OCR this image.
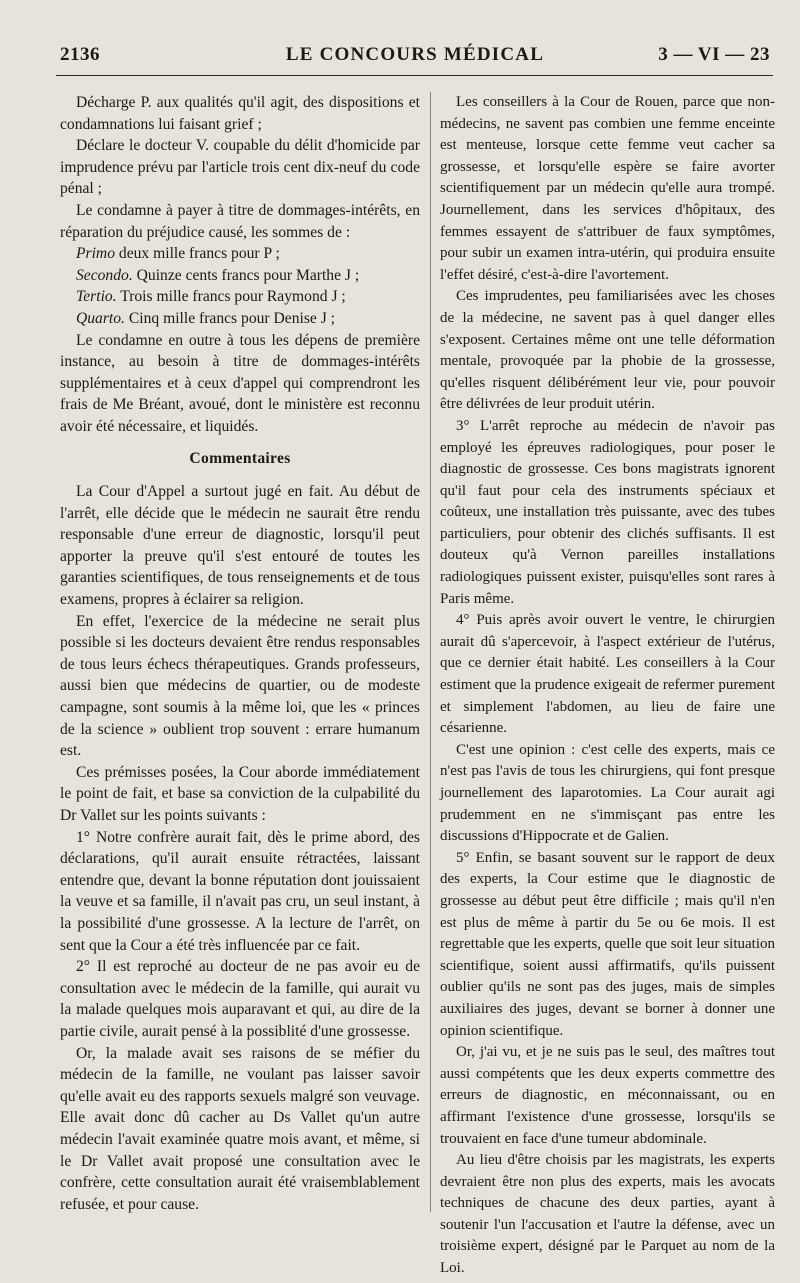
2136	LE CONCOURS MÉDICAL	3 — VI — 23

Décharge P. aux qualités qu'il agit, des dispositions et condamnations lui faisant grief ;

Déclare le docteur V. coupable du délit d'homicide par imprudence prévu par l'article trois cent dix-neuf du code pénal ;

Le condamne à payer à titre de dommages-intérêts, en réparation du préjudice causé, les sommes de :

Primo deux mille francs pour P ;

Secondo. Quinze cents francs pour Marthe J ;

Tertio. Trois mille francs pour Raymond J ;

Quarto. Cinq mille francs pour Denise J ;

Le condamne en outre à tous les dépens de première instance, au besoin à titre de dommages-intérêts supplémentaires et à ceux d'appel qui comprendront les frais de Me Bréant, avoué, dont le ministère est reconnu avoir été nécessaire, et liquidés.

Commentaires

La Cour d'Appel a surtout jugé en fait. Au début de l'arrêt, elle décide que le médecin ne saurait être rendu responsable d'une erreur de diagnostic, lorsqu'il peut apporter la preuve qu'il s'est entouré de toutes les garanties scientifiques, de tous renseignements et de tous examens, propres à éclairer sa religion.

En effet, l'exercice de la médecine ne serait plus possible si les docteurs devaient être rendus responsables de tous leurs échecs thérapeutiques. Grands professeurs, aussi bien que médecins de quartier, ou de modeste campagne, sont soumis à la même loi, que les « princes de la science » oublient trop souvent : errare humanum est.

Ces prémisses posées, la Cour aborde immédiatement le point de fait, et base sa conviction de la culpabilité du Dr Vallet sur les points suivants :

1° Notre confrère aurait fait, dès le prime abord, des déclarations, qu'il aurait ensuite rétractées, laissant entendre que, devant la bonne réputation dont jouissaient la veuve et sa famille, il n'avait pas cru, un seul instant, à la possibilité d'une grossesse. A la lecture de l'arrêt, on sent que la Cour a été très influencée par ce fait.

2° Il est reproché au docteur de ne pas avoir eu de consultation avec le médecin de la famille, qui aurait vu la malade quelques mois auparavant et qui, au dire de la partie civile, aurait pensé à la possiblité d'une grossesse.

Or, la malade avait ses raisons de se méfier du médecin de la famille, ne voulant pas laisser savoir qu'elle avait eu des rapports sexuels malgré son veuvage. Elle avait donc dû cacher au Ds Vallet qu'un autre médecin l'avait examinée quatre mois avant, et même, si le Dr Vallet avait proposé une consultation avec le confrère, cette consultation aurait été vraisemblablement refusée, et pour cause.

Les conseillers à la Cour de Rouen, parce que non-médecins, ne savent pas combien une femme enceinte est menteuse, lorsque cette femme veut cacher sa grossesse, et lorsqu'elle espère se faire avorter scientifiquement par un médecin qu'elle aura trompé. Journellement, dans les services d'hôpitaux, des femmes essayent de s'attribuer de faux symptômes, pour subir un examen intra-utérin, qui produira ensuite l'effet désiré, c'est-à-dire l'avortement.

Ces imprudentes, peu familiarisées avec les choses de la médecine, ne savent pas à quel danger elles s'exposent. Certaines même ont une telle déformation mentale, provoquée par la phobie de la grossesse, qu'elles risquent délibérément leur vie, pour pouvoir être délivrées de leur produit utérin.

3° L'arrêt reproche au médecin de n'avoir pas employé les épreuves radiologiques, pour poser le diagnostic de grossesse. Ces bons magistrats ignorent qu'il faut pour cela des instruments spéciaux et coûteux, une installation très puissante, avec des tubes particuliers, pour obtenir des clichés suffisants. Il est douteux qu'à Vernon pareilles installations radiologiques puissent exister, puisqu'elles sont rares à Paris même.

4° Puis après avoir ouvert le ventre, le chirurgien aurait dû s'apercevoir, à l'aspect extérieur de l'utérus, que ce dernier était habité. Les conseillers à la Cour estiment que la prudence exigeait de refermer purement et simplement l'abdomen, au lieu de faire une césarienne.

C'est une opinion : c'est celle des experts, mais ce n'est pas l'avis de tous les chirurgiens, qui font presque journellement des laparotomies. La Cour aurait agi prudemment en ne s'immisçant pas entre les discussions d'Hippocrate et de Galien.

5° Enfin, se basant souvent sur le rapport de deux des experts, la Cour estime que le diagnostic de grossesse au début peut être difficile ; mais qu'il n'en est plus de même à partir du 5e ou 6e mois. Il est regrettable que les experts, quelle que soit leur situation scientifique, soient aussi affirmatifs, qu'ils puissent oublier qu'ils ne sont pas des juges, mais de simples auxiliaires des juges, devant se borner à donner une opinion scientifique.

Or, j'ai vu, et je ne suis pas le seul, des maîtres tout aussi compétents que les deux experts commettre des erreurs de diagnostic, en méconnaissant, ou en affirmant l'existence d'une grossesse, lorsqu'ils se trouvaient en face d'une tumeur abdominale.

Au lieu d'être choisis par les magistrats, les experts devraient être non plus des experts, mais les avocats techniques de chacune des deux parties, ayant à soutenir l'un l'accusation et l'autre la défense, avec un troisième expert, désigné par le Parquet au nom de la Loi.
